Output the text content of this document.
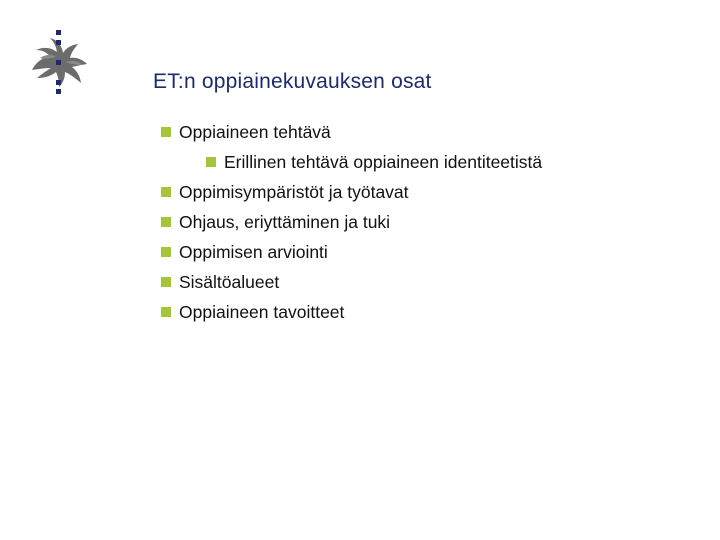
ET:n oppiainekuvauksen osat
Oppiaineen tehtävä
Erillinen tehtävä oppiaineen identiteetistä
Oppimisympäristöt ja työtavat
Ohjaus, eriyttäminen ja tuki
Oppimisen arviointi
Sisältöalueet
Oppiaineen tavoitteet
